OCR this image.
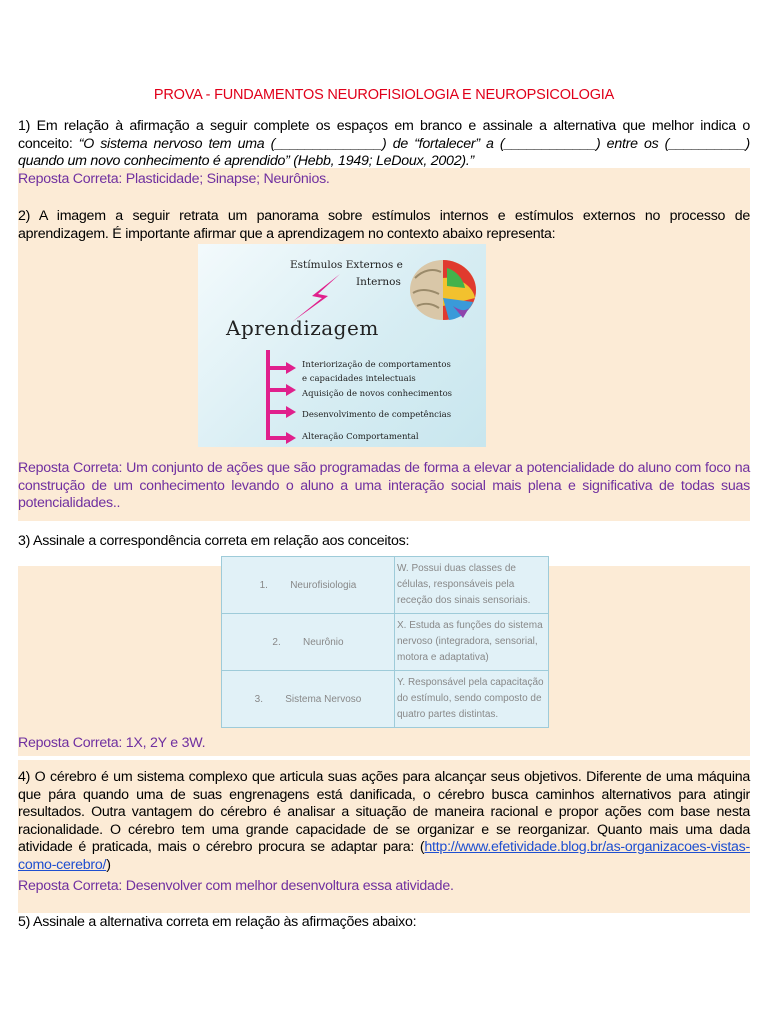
PROVA - FUNDAMENTOS NEUROFISIOLOGIA E NEUROPSICOLOGIA
1) Em relação à afirmação a seguir complete os espaços em branco e assinale a alternativa que melhor indica o
conceito: “O sistema nervoso tem uma (______________) de “fortalecer” a (____________) entre os (__________)
quando um novo conhecimento é aprendido” (Hebb, 1949; LeDoux, 2002).”
Reposta Correta: Plasticidade; Sinapse; Neurônios.
2) A imagem a seguir retrata um panorama sobre estímulos internos e estímulos externos no processo de aprendizagem. É importante afirmar que a aprendizagem no contexto abaixo representa:
Estímulos Externos e
Internos
Aprendizagem
Interiorização de comportamentos
e capacidades intelectuais
Aquisição de novos conhecimentos
Desenvolvimento de competências
Alteração Comportamental
Reposta Correta: Um conjunto de ações que são programadas de forma a elevar a potencialidade do aluno com foco na construção de um conhecimento levando o aluno a uma interação social mais plena e significativa de todas suas potencialidades..
3) Assinale a correspondência correta em relação aos conceitos:
1. Neurofisiologia	W. Possui duas classes de células, responsáveis pela receção dos sinais sensoriais.
2. Neurônio	X. Estuda as funções do sistema nervoso (integradora, sensorial, motora e adaptativa)
3. Sistema Nervoso	Y. Responsável pela capacitação do estímulo, sendo composto de quatro partes distintas.
Reposta Correta: 1X, 2Y e 3W.
4) O cérebro é um sistema complexo que articula suas ações para alcançar seus objetivos. Diferente de uma máquina que pára quando uma de suas engrenagens está danificada, o cérebro busca caminhos alternativos para atingir resultados. Outra vantagem do cérebro é analisar a situação de maneira racional e propor ações com base nesta racionalidade. O cérebro tem uma grande capacidade de se organizar e se reorganizar. Quanto mais uma dada atividade é praticada, mais o cérebro procura se adaptar para: (http://www.efetividade.blog.br/as-organizacoes-vistas-como-cerebro/)
Reposta Correta: Desenvolver com melhor desenvoltura essa atividade.
5) Assinale a alternativa correta em relação às afirmações abaixo:
